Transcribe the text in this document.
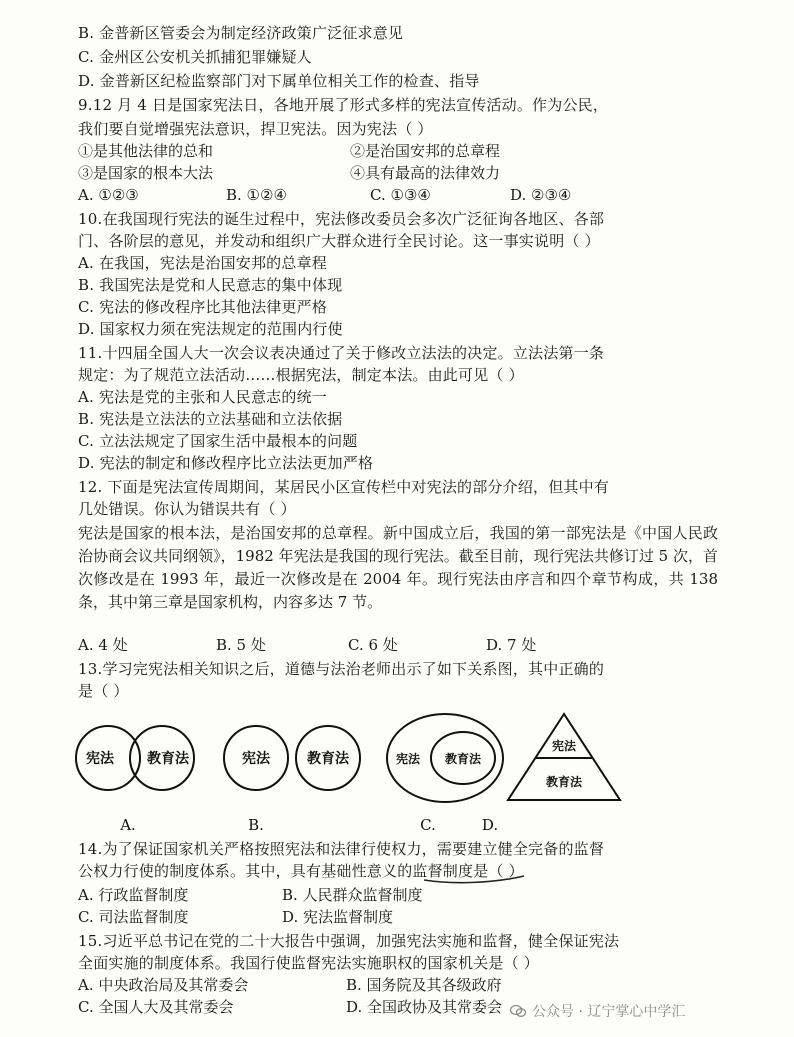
B. 金普新区管委会为制定经济政策广泛征求意见
C. 金州区公安机关抓捕犯罪嫌疑人
D. 金普新区纪检监察部门对下属单位相关工作的检查、指导
9.12 月 4 日是国家宪法日，各地开展了形式多样的宪法宣传活动。作为公民，
我们要自觉增强宪法意识，捍卫宪法。因为宪法（ ）
①是其他法律的总和	②是治国安邦的总章程
③是国家的根本大法	④具有最高的法律效力
A. ①②③	B. ①②④	C. ①③④	D. ②③④
10.在我国现行宪法的诞生过程中，宪法修改委员会多次广泛征询各地区、各部
门、各阶层的意见，并发动和组织广大群众进行全民讨论。这一事实说明（ ）
A. 在我国，宪法是治国安邦的总章程
B. 我国宪法是党和人民意志的集中体现
C. 宪法的修改程序比其他法律更严格
D. 国家权力须在宪法规定的范围内行使
11.十四届全国人大一次会议表决通过了关于修改立法法的决定。立法法第一条
规定：为了规范立法活动……根据宪法，制定本法。由此可见（ ）
A. 宪法是党的主张和人民意志的统一
B. 宪法是立法法的立法基础和立法依据
C. 立法法规定了国家生活中最根本的问题
D. 宪法的制定和修改程序比立法法更加严格
12. 下面是宪法宣传周期间，某居民小区宣传栏中对宪法的部分介绍，但其中有
几处错误。你认为错误共有（ ）
宪法是国家的根本法，是治国安邦的总章程。新中国成立后，我国的第一部宪法是《中国人民政治协商会议共同纲领》，1982 年宪法是我国的现行宪法。截至目前，现行宪法共修订过 5 次，首次修改是在 1993 年，最近一次修改是在 2004 年。现行宪法由序言和四个章节构成，共 138 条，其中第三章是国家机构，内容多达 7 节。
A. 4 处	B. 5 处	C. 6 处	D. 7 处
13.学习完宪法相关知识之后，道德与法治老师出示了如下关系图，其中正确的
是（ ）
宪法 教育法
A.
宪法	教育法
B.
宪法 教育法
C.
宪法
教育法
D.
14.为了保证国家机关严格按照宪法和法律行使权力，需要建立健全完备的监督
公权力行使的制度体系。其中，具有基础性意义的监督制度是（ ）
A. 行政监督制度	B. 人民群众监督制度
C. 司法监督制度	D. 宪法监督制度
15.习近平总书记在党的二十大报告中强调，加强宪法实施和监督，健全保证宪法
全面实施的制度体系。我国行使监督宪法实施职权的国家机关是（ ）
A. 中央政治局及其常委会	B. 国务院及其各级政府
C. 全国人大及其常委会	D. 全国政协及其常委会 公众号 · 辽宁掌心中学汇
